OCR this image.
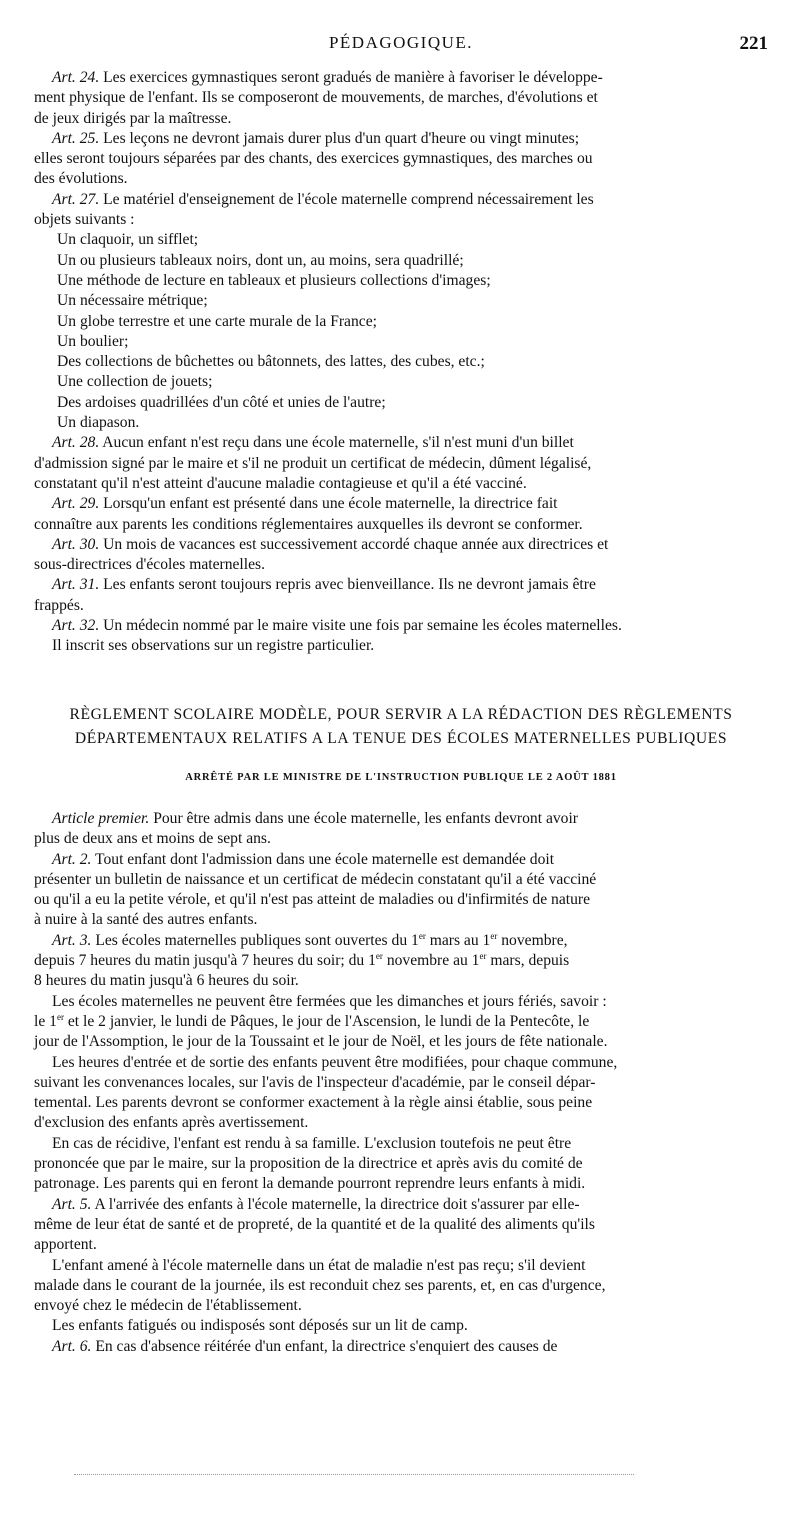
PÉDAGOGIQUE.	221

Art. 24. Les exercices gymnastiques seront gradués de manière à favoriser le développe-
ment physique de l'enfant. Ils se composeront de mouvements, de marches, d'évolutions et
de jeux dirigés par la maîtresse.

Art. 25. Les leçons ne devront jamais durer plus d'un quart d'heure ou vingt minutes;
elles seront toujours séparées par des chants, des exercices gymnastiques, des marches ou
des évolutions.

Art. 27. Le matériel d'enseignement de l'école maternelle comprend nécessairement les
objets suivants :

Un claquoir, un sifflet;

Un ou plusieurs tableaux noirs, dont un, au moins, sera quadrillé;

Une méthode de lecture en tableaux et plusieurs collections d'images;

Un nécessaire métrique;

Un globe terrestre et une carte murale de la France;

Un boulier;

Des collections de bûchettes ou bâtonnets, des lattes, des cubes, etc.;

Une collection de jouets;

Des ardoises quadrillées d'un côté et unies de l'autre;

Un diapason.

Art. 28. Aucun enfant n'est reçu dans une école maternelle, s'il n'est muni d'un billet
d'admission signé par le maire et s'il ne produit un certificat de médecin, dûment légalisé,
constatant qu'il n'est atteint d'aucune maladie contagieuse et qu'il a été vacciné.

Art. 29. Lorsqu'un enfant est présenté dans une école maternelle, la directrice fait
connaître aux parents les conditions réglementaires auxquelles ils devront se conformer.

Art. 30. Un mois de vacances est successivement accordé chaque année aux directrices et
sous-directrices d'écoles maternelles.

Art. 31. Les enfants seront toujours repris avec bienveillance. Ils ne devront jamais être
frappés.

Art. 32. Un médecin nommé par le maire visite une fois par semaine les écoles maternelles.

Il inscrit ses observations sur un registre particulier.

RÈGLEMENT SCOLAIRE MODÈLE, POUR SERVIR A LA RÉDACTION DES RÈGLEMENTS

DÉPARTEMENTAUX RELATIFS A LA TENUE DES ÉCOLES MATERNELLES PUBLIQUES

ARRÊTÉ PAR LE MINISTRE DE L'INSTRUCTION PUBLIQUE LE 2 AOÛT 1881

Article premier. Pour être admis dans une école maternelle, les enfants devront avoir
plus de deux ans et moins de sept ans.

Art. 2. Tout enfant dont l'admission dans une école maternelle est demandée doit
présenter un bulletin de naissance et un certificat de médecin constatant qu'il a été vacciné
ou qu'il a eu la petite vérole, et qu'il n'est pas atteint de maladies ou d'infirmités de nature
à nuire à la santé des autres enfants.

Art. 3. Les écoles maternelles publiques sont ouvertes du 1er mars au 1er novembre,
depuis 7 heures du matin jusqu'à 7 heures du soir; du 1er novembre au 1er mars, depuis
8 heures du matin jusqu'à 6 heures du soir.

Les écoles maternelles ne peuvent être fermées que les dimanches et jours fériés, savoir :
le 1er et le 2 janvier, le lundi de Pâques, le jour de l'Ascension, le lundi de la Pentecôte, le
jour de l'Assomption, le jour de la Toussaint et le jour de Noël, et les jours de fête nationale.

Les heures d'entrée et de sortie des enfants peuvent être modifiées, pour chaque commune,
suivant les convenances locales, sur l'avis de l'inspecteur d'académie, par le conseil dépar-
temental. Les parents devront se conformer exactement à la règle ainsi établie, sous peine
d'exclusion des enfants après avertissement.

En cas de récidive, l'enfant est rendu à sa famille. L'exclusion toutefois ne peut être
prononcée que par le maire, sur la proposition de la directrice et après avis du comité de
patronage. Les parents qui en feront la demande pourront reprendre leurs enfants à midi.

Art. 5. A l'arrivée des enfants à l'école maternelle, la directrice doit s'assurer par elle-
même de leur état de santé et de propreté, de la quantité et de la qualité des aliments qu'ils
apportent.

L'enfant amené à l'école maternelle dans un état de maladie n'est pas reçu; s'il devient
malade dans le courant de la journée, ils est reconduit chez ses parents, et, en cas d'urgence,
envoyé chez le médecin de l'établissement.

Les enfants fatigués ou indisposés sont déposés sur un lit de camp.

Art. 6. En cas d'absence réitérée d'un enfant, la directrice s'enquiert des causes de
